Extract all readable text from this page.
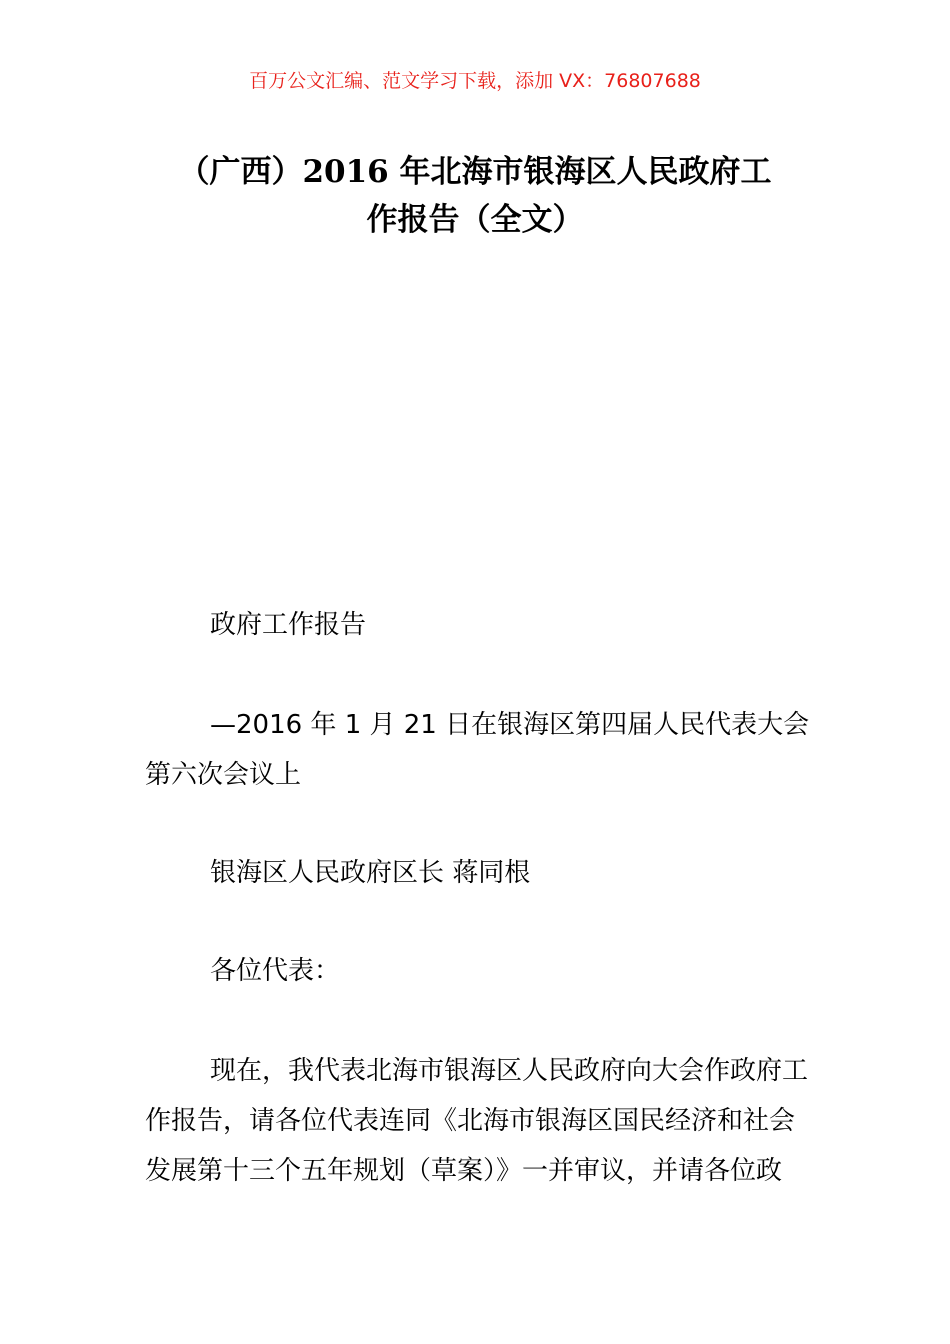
百万公文汇编、范文学习下载，添加 VX：76807688
（广西）2016 年北海市银海区人民政府工
作报告（全文）
政府工作报告
—2016 年 1 月 21 日在银海区第四届人民代表大会第六次会议上
银海区人民政府区长 蒋同根
各位代表：
现在，我代表北海市银海区人民政府向大会作政府工作报告，请各位代表连同《北海市银海区国民经济和社会发展第十三个五年规划（草案）》一并审议，并请各位政
